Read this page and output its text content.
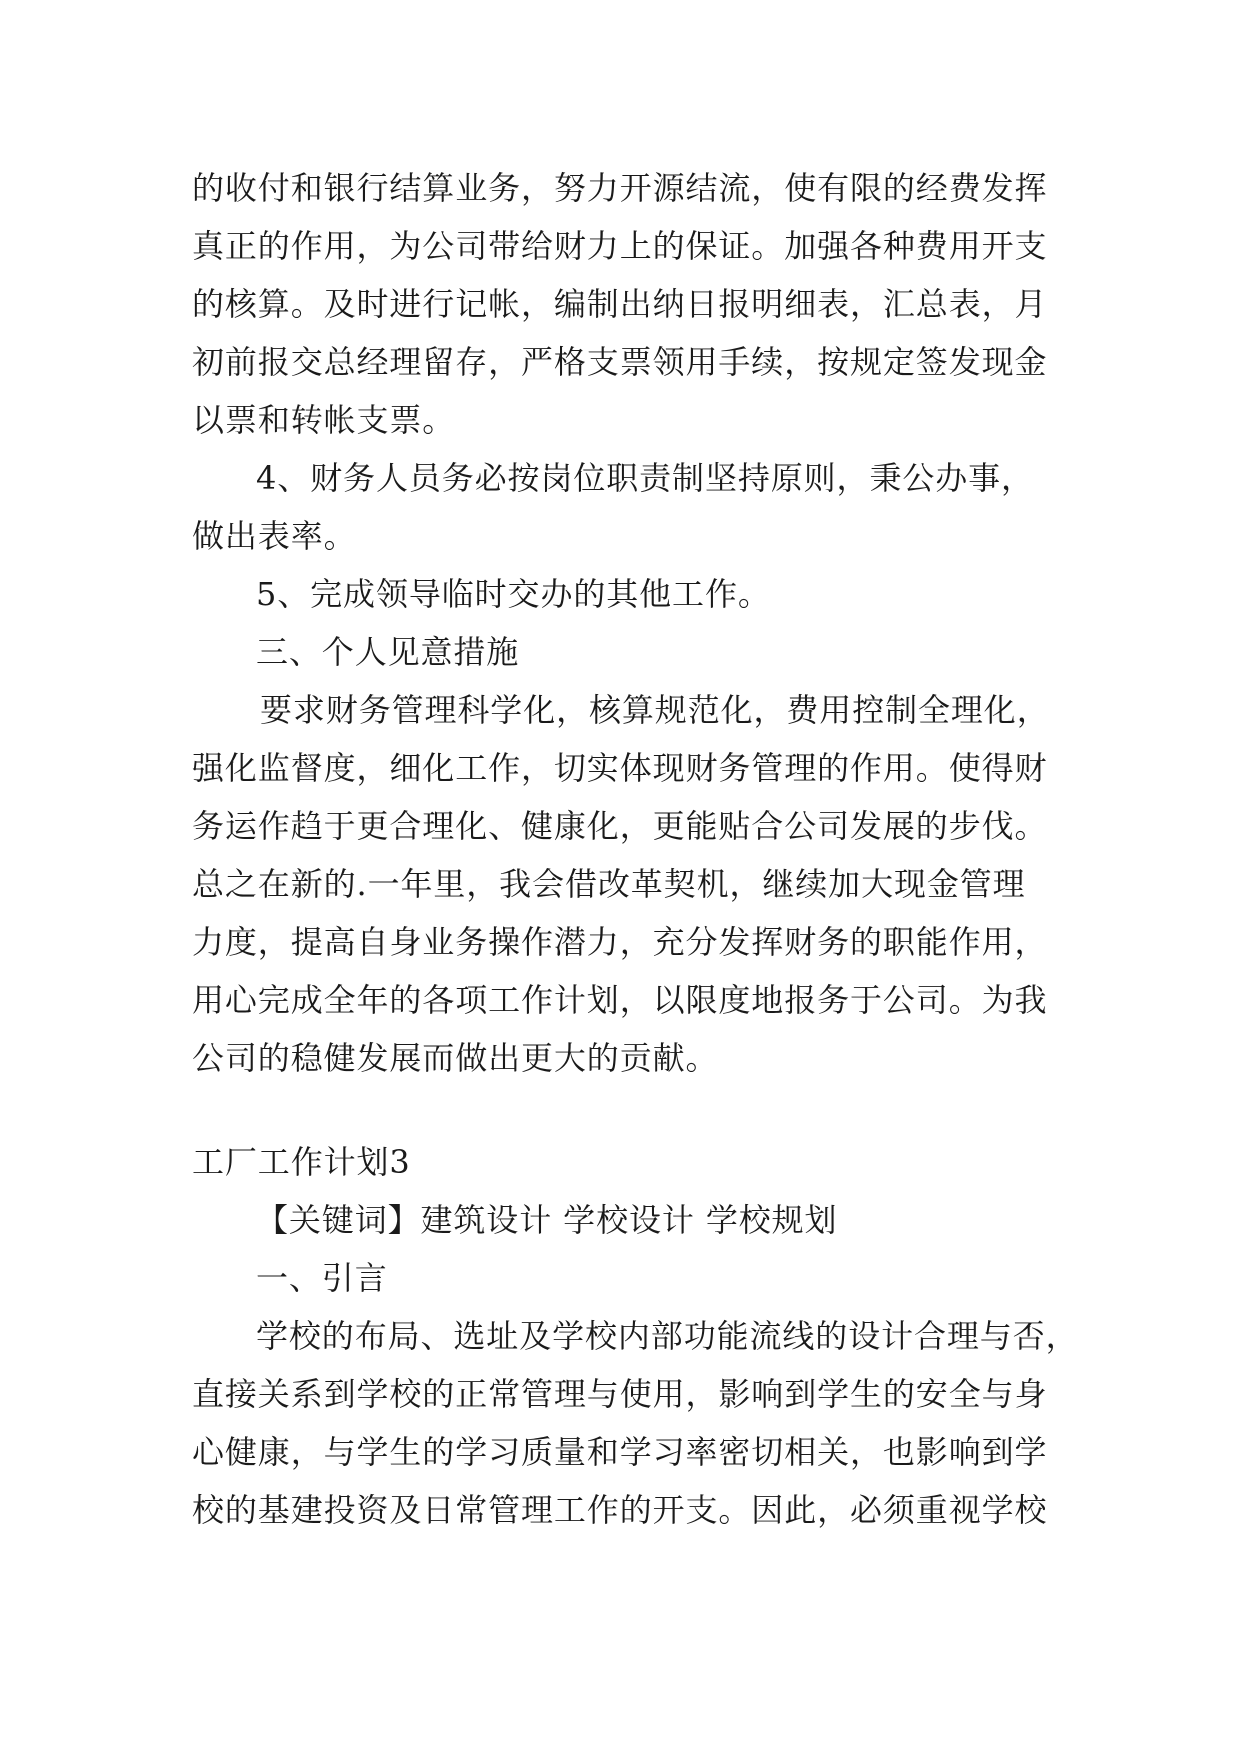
的收付和银行结算业务，努力开源结流，使有限的经费发挥
真正的作用，为公司带给财力上的保证。加强各种费用开支
的核算。及时进行记帐，编制出纳日报明细表，汇总表，月
初前报交总经理留存，严格支票领用手续，按规定签发现金
以票和转帐支票。
4、财务人员务必按岗位职责制坚持原则，秉公办事，
做出表率。
5、完成领导临时交办的其他工作。
三、个人见意措施
要求财务管理科学化，核算规范化，费用控制全理化，
强化监督度，细化工作，切实体现财务管理的作用。使得财
务运作趋于更合理化、健康化，更能贴合公司发展的步伐。
总之在新的.一年里，我会借改革契机，继续加大现金管理
力度，提高自身业务操作潜力，充分发挥财务的职能作用，
用心完成全年的各项工作计划，以限度地报务于公司。为我
公司的稳健发展而做出更大的贡献。
工厂工作计划3
【关键词】建筑设计 学校设计 学校规划
一、引言
学校的布局、选址及学校内部功能流线的设计合理与否，
直接关系到学校的正常管理与使用，影响到学生的安全与身
心健康，与学生的学习质量和学习率密切相关，也影响到学
校的基建投资及日常管理工作的开支。因此，必须重视学校
